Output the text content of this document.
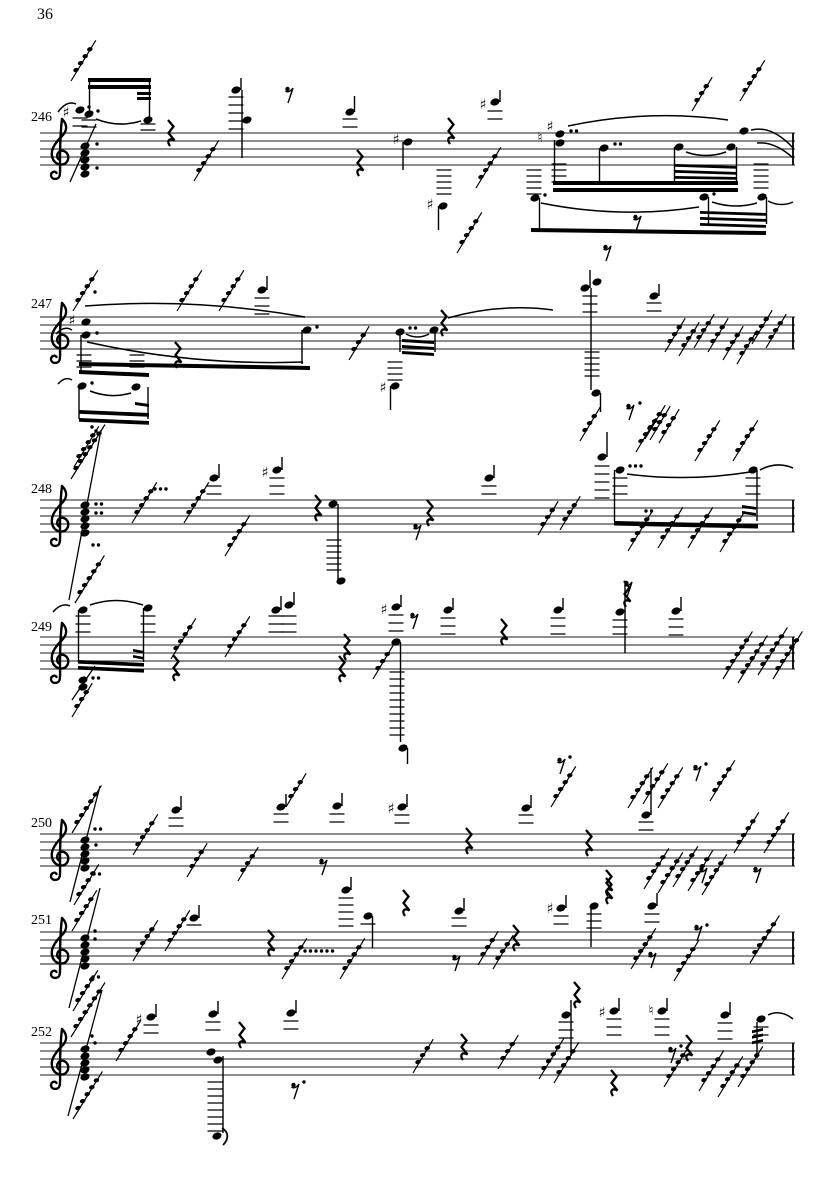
36
246
247
248
249
250
251
252
♯
♯
♯
♯
♮
♯
♯
♯
♯
♯
♯
♯
♯	♯	♮
